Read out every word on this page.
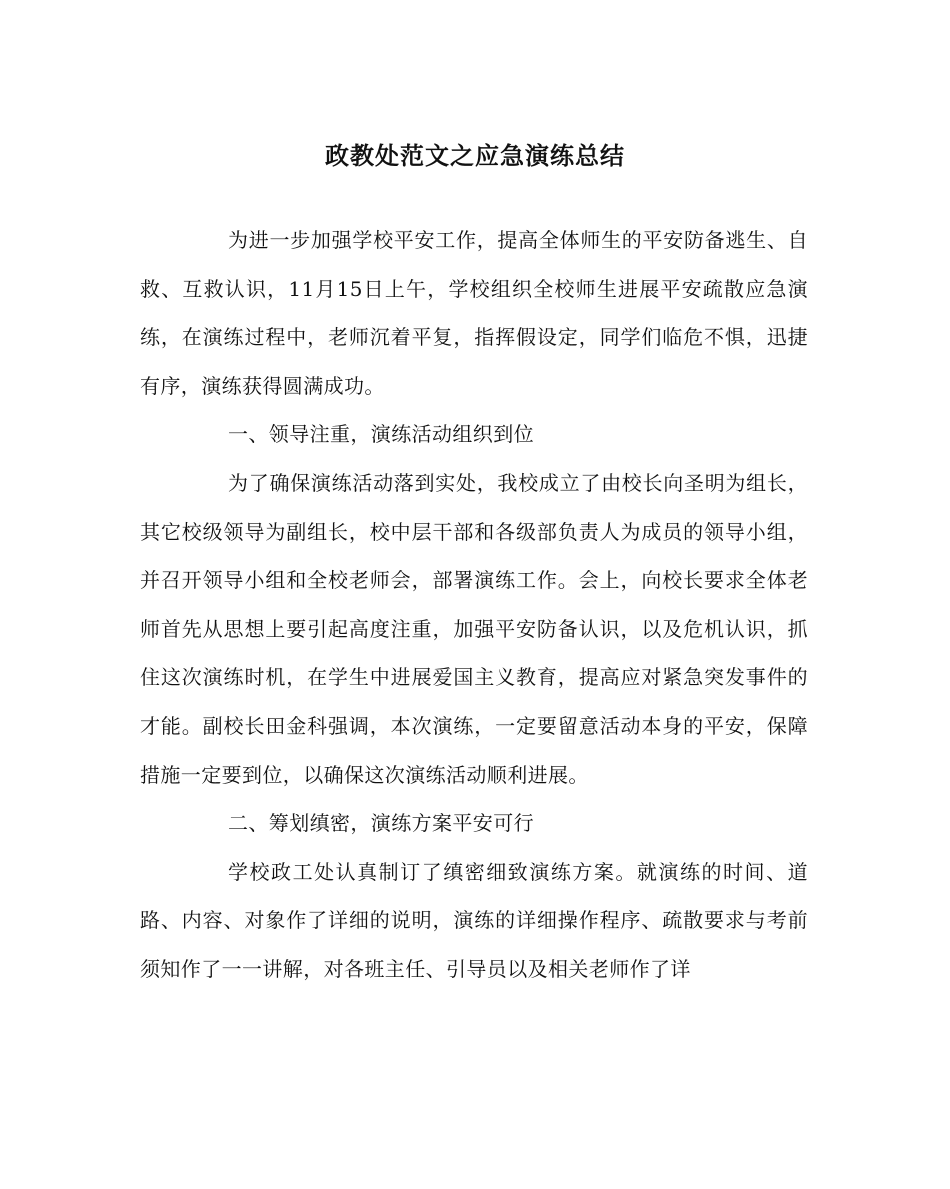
政教处范文之应急演练总结

为进一步加强学校平安工作，提高全体师生的平安防备逃生、自救、互救认识，11月15日上午，学校组织全校师生进展平安疏散应急演练，在演练过程中，老师沉着平复，指挥假设定，同学们临危不惧，迅捷有序，演练获得圆满成功。

一、领导注重，演练活动组织到位

为了确保演练活动落到实处，我校成立了由校长向圣明为组长，其它校级领导为副组长，校中层干部和各级部负责人为成员的领导小组，并召开领导小组和全校老师会，部署演练工作。会上，向校长要求全体老师首先从思想上要引起高度注重，加强平安防备认识，以及危机认识，抓住这次演练时机，在学生中进展爱国主义教育，提高应对紧急突发事件的才能。副校长田金科强调，本次演练，一定要留意活动本身的平安，保障措施一定要到位，以确保这次演练活动顺利进展。

二、筹划缜密，演练方案平安可行

学校政工处认真制订了缜密细致演练方案。就演练的时间、道路、内容、对象作了详细的说明，演练的详细操作程序、疏散要求与考前须知作了一一讲解，对各班主任、引导员以及相关老师作了详
